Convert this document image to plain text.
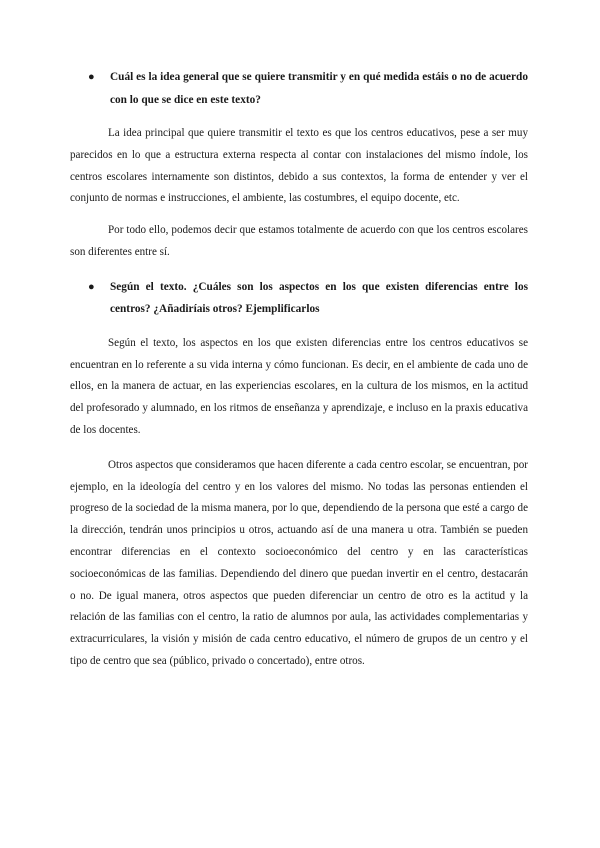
● Cuál es la idea general que se quiere transmitir y en qué medida estáis o no de acuerdo con lo que se dice en este texto?

La idea principal que quiere transmitir el texto es que los centros educativos, pese a ser muy parecidos en lo que a estructura externa respecta al contar con instalaciones del mismo índole, los centros escolares internamente son distintos, debido a sus contextos, la forma de entender y ver el conjunto de normas e instrucciones, el ambiente, las costumbres, el equipo docente, etc.

Por todo ello, podemos decir que estamos totalmente de acuerdo con que los centros escolares son diferentes entre sí.

● Según el texto. ¿Cuáles son los aspectos en los que existen diferencias entre los centros? ¿Añadiríais otros? Ejemplificarlos

Según el texto, los aspectos en los que existen diferencias entre los centros educativos se encuentran en lo referente a su vida interna y cómo funcionan. Es decir, en el ambiente de cada uno de ellos, en la manera de actuar, en las experiencias escolares, en la cultura de los mismos, en la actitud del profesorado y alumnado, en los ritmos de enseñanza y aprendizaje, e incluso en la praxis educativa de los docentes.

Otros aspectos que consideramos que hacen diferente a cada centro escolar, se encuentran, por ejemplo, en la ideología del centro y en los valores del mismo. No todas las personas entienden el progreso de la sociedad de la misma manera, por lo que, dependiendo de la persona que esté a cargo de la dirección, tendrán unos principios u otros, actuando así de una manera u otra. También se pueden encontrar diferencias en el contexto socioeconómico del centro y en las características socioeconómicas de las familias. Dependiendo del dinero que puedan invertir en el centro, destacarán o no. De igual manera, otros aspectos que pueden diferenciar un centro de otro es la actitud y la relación de las familias con el centro, la ratio de alumnos por aula, las actividades complementarias y extracurriculares, la visión y misión de cada centro educativo, el número de grupos de un centro y el tipo de centro que sea (público, privado o concertado), entre otros.
